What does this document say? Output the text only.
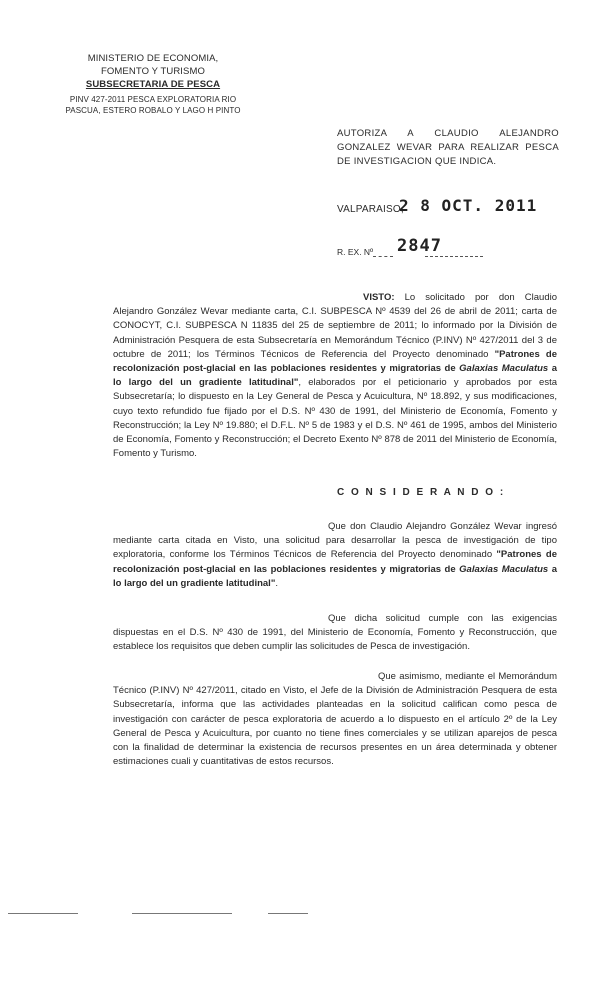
MINISTERIO DE ECONOMIA,
FOMENTO Y TURISMO
SUBSECRETARIA DE PESCA
PINV 427-2011 PESCA EXPLORATORIA RIO
PASCUA, ESTERO ROBALO Y LAGO H PINTO
AUTORIZA A CLAUDIO ALEJANDRO GONZALEZ WEVAR PARA REALIZAR PESCA DE INVESTIGACION QUE INDICA.
VALPARAISO,
2 8 OCT. 2011
R. EX. Nº 2847

VISTO: Lo solicitado por don Claudio Alejandro González Wevar mediante carta, C.I. SUBPESCA Nº 4539 del 26 de abril de 2011; carta de CONOCYT, C.I. SUBPESCA N 11835 del 25 de septiembre de 2011; lo informado por la División de Administración Pesquera de esta Subsecretaría en Memorándum Técnico (P.INV) Nº 427/2011 del 3 de octubre de 2011; los Términos Técnicos de Referencia del Proyecto denominado "Patrones de recolonización post-glacial en las poblaciones residentes y migratorias de Galaxias Maculatus a lo largo del un gradiente latitudinal", elaborados por el peticionario y aprobados por esta Subsecretaría; lo dispuesto en la Ley General de Pesca y Acuicultura, Nº 18.892, y sus modificaciones, cuyo texto refundido fue fijado por el D.S. Nº 430 de 1991, del Ministerio de Economía, Fomento y Reconstrucción; la Ley Nº 19.880; el D.F.L. Nº 5 de 1983 y el D.S. Nº 461 de 1995, ambos del Ministerio de Economía, Fomento y Reconstrucción; el Decreto Exento Nº 878 de 2011 del Ministerio de Economía, Fomento y Turismo.

C O N S I D E R A N D O :

Que don Claudio Alejandro González Wevar ingresó mediante carta citada en Visto, una solicitud para desarrollar la pesca de investigación de tipo exploratoria, conforme los Términos Técnicos de Referencia del Proyecto denominado "Patrones de recolonización post-glacial en las poblaciones residentes y migratorias de Galaxias Maculatus a lo largo del un gradiente latitudinal".

Que dicha solicitud cumple con las exigencias dispuestas en el D.S. Nº 430 de 1991, del Ministerio de Economía, Fomento y Reconstrucción, que establece los requisitos que deben cumplir las solicitudes de Pesca de investigación.

Que asimismo, mediante el Memorándum Técnico (P.INV) Nº 427/2011, citado en Visto, el Jefe de la División de Administración Pesquera de esta Subsecretaría, informa que las actividades planteadas en la solicitud califican como pesca de investigación con carácter de pesca exploratoria de acuerdo a lo dispuesto en el artículo 2º de la Ley General de Pesca y Acuicultura, por cuanto no tiene fines comerciales y se utilizan aparejos de pesca con la finalidad de determinar la existencia de recursos presentes en un área determinada y obtener estimaciones cuali y cuantitativas de estos recursos.
